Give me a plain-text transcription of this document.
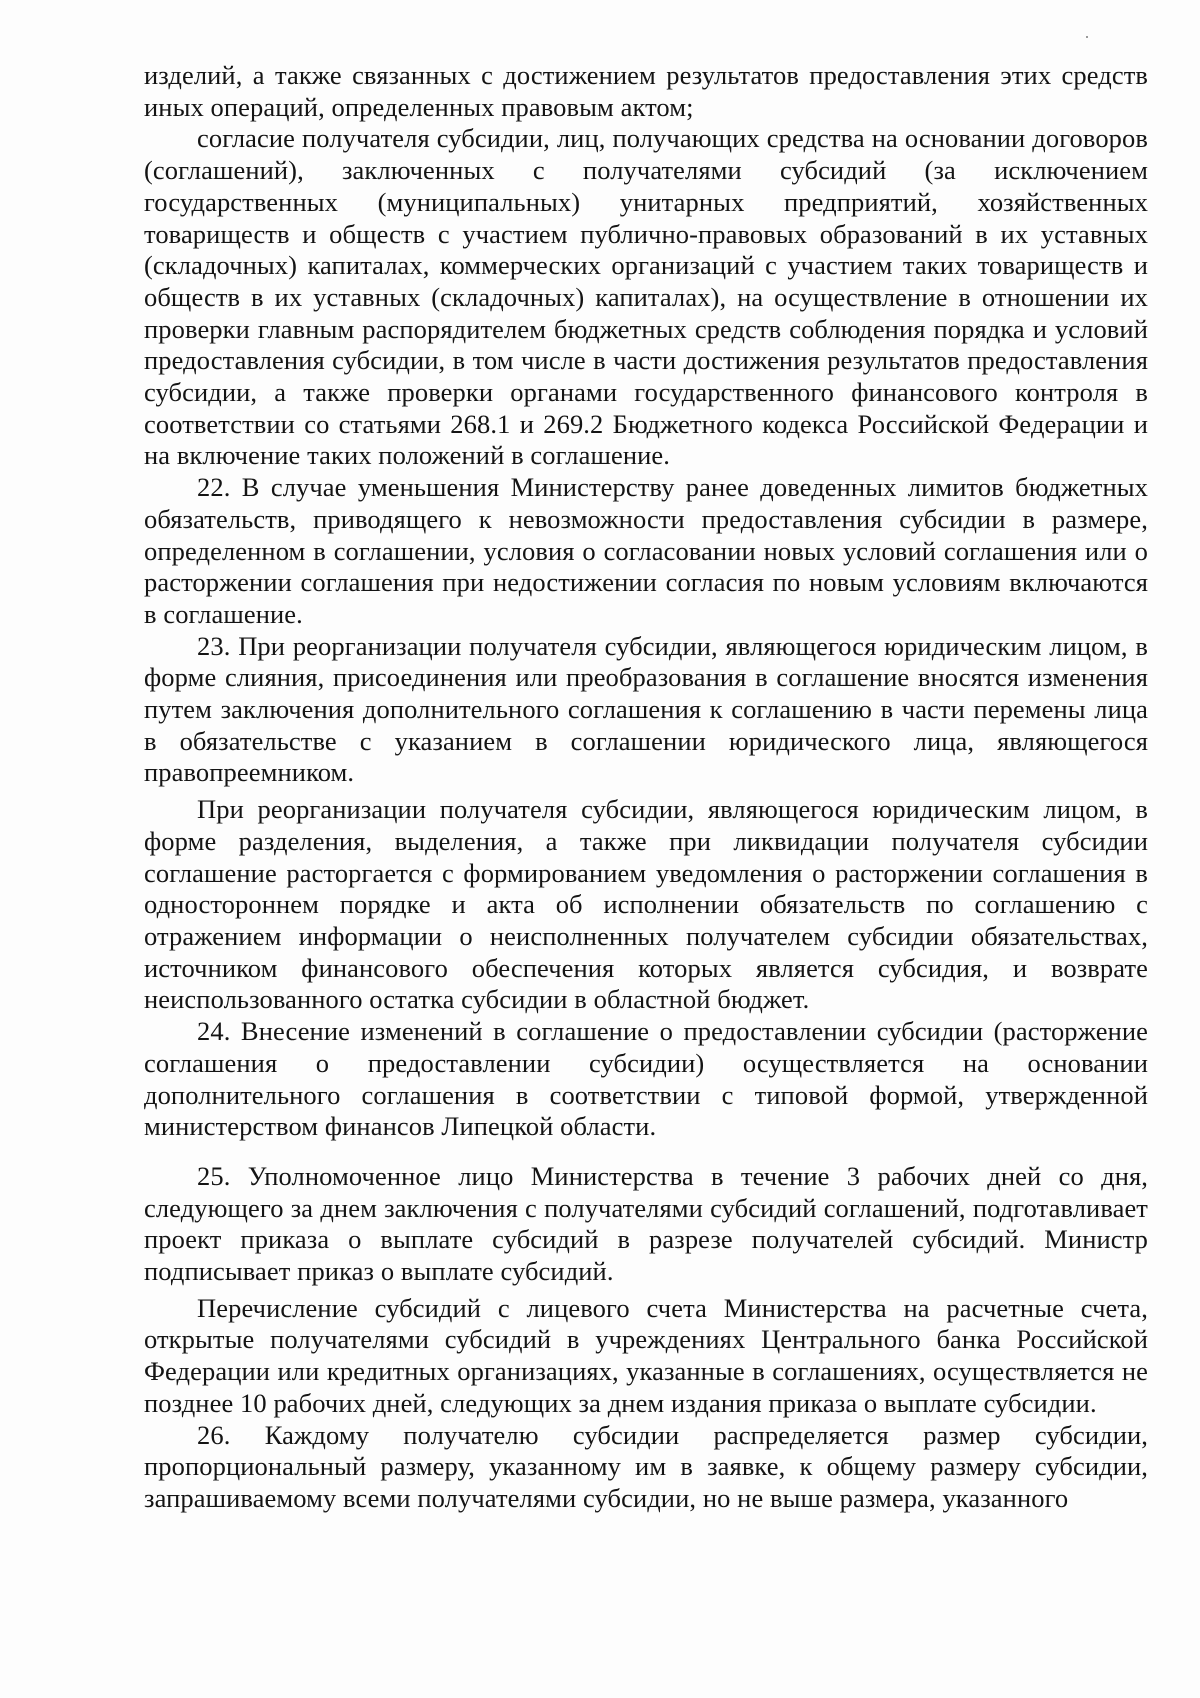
изделий, а также связанных с достижением результатов предоставления этих средств иных операций, определенных правовым актом;

согласие получателя субсидии, лиц, получающих средства на основании договоров (соглашений), заключенных с получателями субсидий (за исключением государственных (муниципальных) унитарных предприятий, хозяйственных товариществ и обществ с участием публично-правовых образований в их уставных (складочных) капиталах, коммерческих организаций с участием таких товариществ и обществ в их уставных (складочных) капиталах), на осуществление в отношении их проверки главным распорядителем бюджетных средств соблюдения порядка и условий предоставления субсидии, в том числе в части достижения результатов предоставления субсидии, а также проверки органами государственного финансового контроля в соответствии со статьями 268.1 и 269.2 Бюджетного кодекса Российской Федерации и на включение таких положений в соглашение.

22. В случае уменьшения Министерству ранее доведенных лимитов бюджетных обязательств, приводящего к невозможности предоставления субсидии в размере, определенном в соглашении, условия о согласовании новых условий соглашения или о расторжении соглашения при недостижении согласия по новым условиям включаются в соглашение.

23. При реорганизации получателя субсидии, являющегося юридическим лицом, в форме слияния, присоединения или преобразования в соглашение вносятся изменения путем заключения дополнительного соглашения к соглашению в части перемены лица в обязательстве с указанием в соглашении юридического лица, являющегося правопреемником.

При реорганизации получателя субсидии, являющегося юридическим лицом, в форме разделения, выделения, а также при ликвидации получателя субсидии соглашение расторгается с формированием уведомления о расторжении соглашения в одностороннем порядке и акта об исполнении обязательств по соглашению с отражением информации о неисполненных получателем субсидии обязательствах, источником финансового обеспечения которых является субсидия, и возврате неиспользованного остатка субсидии в областной бюджет.

24. Внесение изменений в соглашение о предоставлении субсидии (расторжение соглашения о предоставлении субсидии) осуществляется на основании дополнительного соглашения в соответствии с типовой формой, утвержденной министерством финансов Липецкой области.

25. Уполномоченное лицо Министерства в течение 3 рабочих дней со дня, следующего за днем заключения с получателями субсидий соглашений, подготавливает проект приказа о выплате субсидий в разрезе получателей субсидий. Министр подписывает приказ о выплате субсидий.

Перечисление субсидий с лицевого счета Министерства на расчетные счета, открытые получателями субсидий в учреждениях Центрального банка Российской Федерации или кредитных организациях, указанные в соглашениях, осуществляется не позднее 10 рабочих дней, следующих за днем издания приказа о выплате субсидии.

26. Каждому получателю субсидии распределяется размер субсидии, пропорциональный размеру, указанному им в заявке, к общему размеру субсидии, запрашиваемому всеми получателями субсидии, но не выше размера, указанного
